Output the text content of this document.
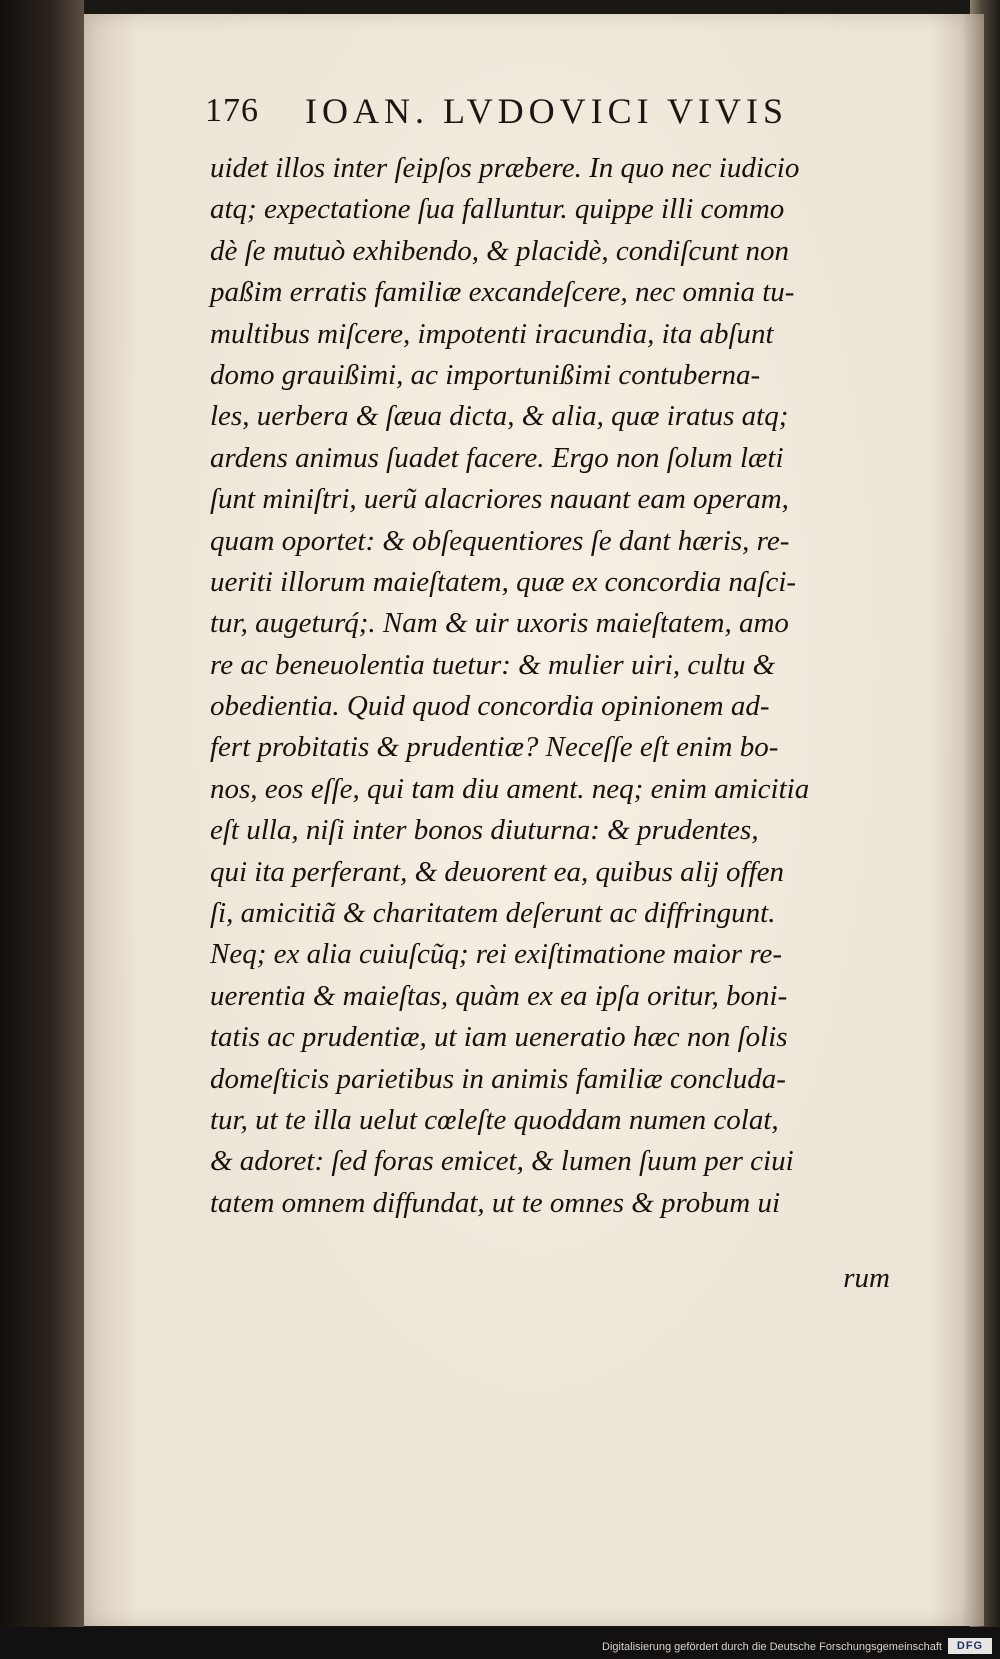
176 IOAN. LVDOVICI VIVIS
uidet illos inter ſeipſos præbere. In quo nec iudicio
atq; expectatione ſua falluntur. quippe illi commo
dè ſe mutuò exhibendo, & placidè, condiſcunt non
paßim erratis familiæ excandeſcere, nec omnia tu-
multibus miſcere, impotenti iracundia, ita abſunt
domo grauißimi, ac importunißimi contuberna-
les, uerbera & ſæua dicta, & alia, quæ iratus atq;
ardens animus ſuadet facere. Ergo non ſolum læti
ſunt miniſtri, uerũ alacriores nauant eam operam,
quam oportet: & obſequentiores ſe dant hæris, re-
ueriti illorum maieſtatem, quæ ex concordia naſci-
tur, augeturq́;. Nam & uir uxoris maieſtatem, amo
re ac beneuolentia tuetur: & mulier uiri, cultu &
obedientia. Quid quod concordia opinionem ad-
fert probitatis & prudentiæ? Neceſſe eſt enim bo-
nos, eos eſſe, qui tam diu ament. neq; enim amicitia
eſt ulla, niſi inter bonos diuturna: & prudentes,
qui ita perferant, & deuorent ea, quibus alij offen
ſi, amicitiã & charitatem deſerunt ac diffringunt.
Neq; ex alia cuiuſcũq; rei exiſtimatione maior re-
uerentia & maieſtas, quàm ex ea ipſa oritur, boni-
tatis ac prudentiæ, ut iam ueneratio hæc non ſolis
domeſticis parietibus in animis familiæ concluda-
tur, ut te illa uelut cœleſte quoddam numen colat,
& adoret: ſed foras emicet, & lumen ſuum per ciui
tatem omnem diffundat, ut te omnes & probum ui
rum
Digitalisierung gefördert durch die Deutsche Forschungsgemeinschaft	DFG
